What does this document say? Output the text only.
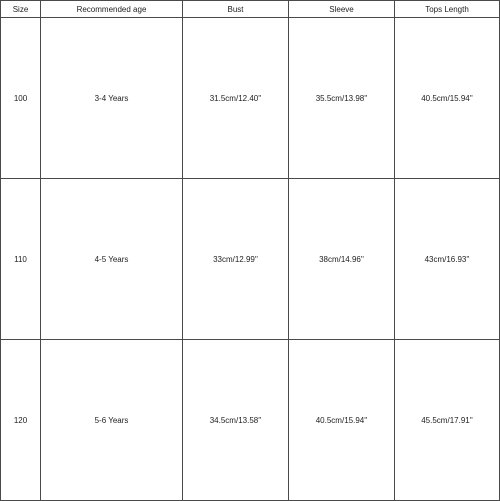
Size	Recommended age	Bust	Sleeve	Tops Length
100	3-4 Years	31.5cm/12.40''	35.5cm/13.98''	40.5cm/15.94''
110	4-5 Years	33cm/12.99''	38cm/14.96''	43cm/16.93''
120	5-6 Years	34.5cm/13.58''	40.5cm/15.94''	45.5cm/17.91''
